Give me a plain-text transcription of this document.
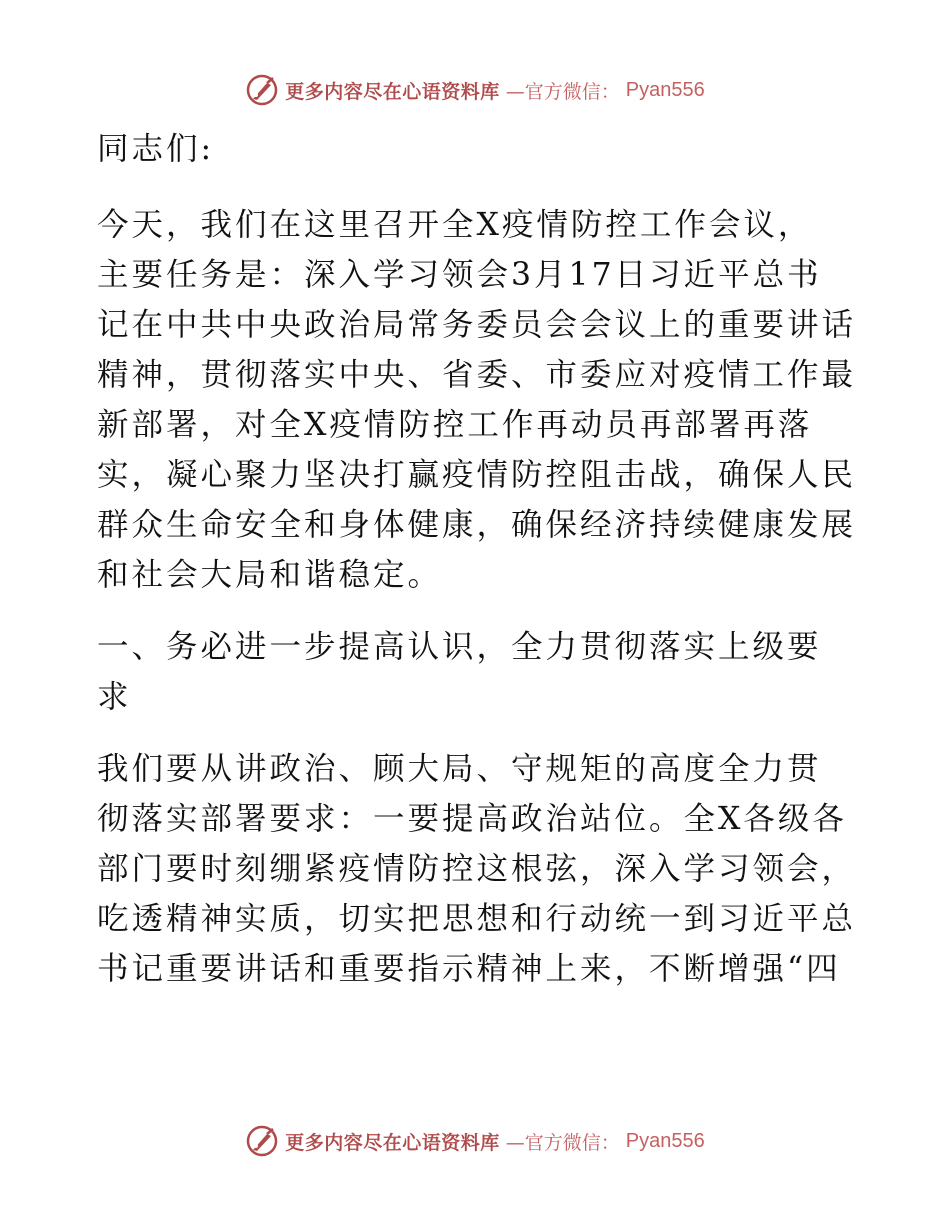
更多内容尽在心语资料库 —官方微信： Pyan556

同志们:

今天，我们在这里召开全X疫情防控工作会议，

主要任务是：深入学习领会3月17日习近平总书

记在中共中央政治局常务委员会会议上的重要讲话

精神，贯彻落实中央、省委、市委应对疫情工作最

新部署，对全X疫情防控工作再动员再部署再落

实，凝心聚力坚决打赢疫情防控阻击战，确保人民

群众生命安全和身体健康，确保经济持续健康发展

和社会大局和谐稳定。

一、务必进一步提高认识，全力贯彻落实上级要

求

我们要从讲政治、顾大局、守规矩的高度全力贯

彻落实部署要求：一要提高政治站位。全X各级各

部门要时刻绷紧疫情防控这根弦，深入学习领会，

吃透精神实质，切实把思想和行动统一到习近平总

书记重要讲话和重要指示精神上来，不断增强“四

更多内容尽在心语资料库 —官方微信： Pyan556
